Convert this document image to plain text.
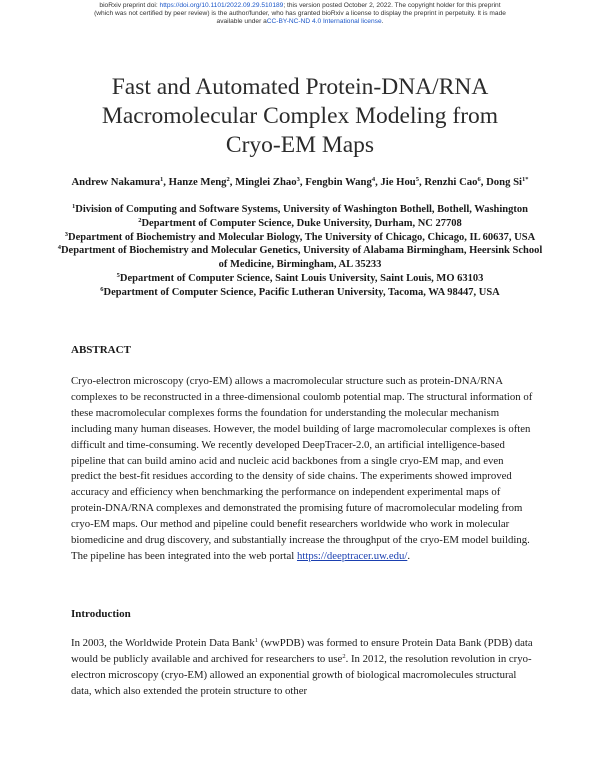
bioRxiv preprint doi: https://doi.org/10.1101/2022.09.29.510189; this version posted October 2, 2022. The copyright holder for this preprint
(which was not certified by peer review) is the author/funder, who has granted bioRxiv a license to display the preprint in perpetuity. It is made
available under aCC-BY-NC-ND 4.0 International license.
Fast and Automated Protein-DNA/RNA
Macromolecular Complex Modeling from
Cryo-EM Maps
Andrew Nakamura$^1$, Hanze Meng$^2$, Minglei Zhao$^3$, Fengbin Wang$^4$, Jie Hou$^5$, Renzhi Cao$^6$, Dong $Si^{1*}$
$^1$Division of Computing and Software Systems, University of Washington Bothell, Bothell, Washington
$^2$Department of Computer Science, Duke University, Durham, NC 27708
$^3$Department of Biochemistry and Molecular Biology, The University of Chicago, Chicago, IL 60637, USA
$^4$Department of Biochemistry and Molecular Genetics, University of Alabama Birmingham, Heersink School of Medicine, Birmingham, AL 35233
$^5$Department of Computer Science, Saint Louis University, Saint Louis, MO 63103
$^6$Department of Computer Science, Pacific Lutheran University, Tacoma, WA 98447, USA
ABSTRACT

Cryo-electron microscopy (cryo-EM) allows a macromolecular structure such as protein-DNA/RNA complexes to be reconstructed in a three-dimensional coulomb potential map. The structural information of these macromolecular complexes forms the foundation for understanding the molecular mechanism including many human diseases. However, the model building of large macromolecular complexes is often difficult and time-consuming. We recently developed DeepTracer-2.0, an artificial intelligence-based pipeline that can build amino acid and nucleic acid backbones from a single cryo-EM map, and even predict the best-fit residues according to the density of side chains. The experiments showed improved accuracy and efficiency when benchmarking the performance on independent experimental maps of protein-DNA/RNA complexes and demonstrated the promising future of macromolecular modeling from cryo-EM maps. Our method and pipeline could benefit researchers worldwide who work in molecular biomedicine and drug discovery, and substantially increase the throughput of the cryo-EM model building. The pipeline has been integrated into the web portal https://deeptracer.uw.edu/.

Introduction

In 2003, the Worldwide Protein Data Bank$^1$ (wwPDB) was formed to ensure Protein Data Bank (PDB) data would be publicly available and archived for researchers to use$^2$. In 2012, the resolution revolution in cryo-electron microscopy (cryo-EM) allowed an exponential growth of biological macromolecules structural data, which also extended the protein structure to other
